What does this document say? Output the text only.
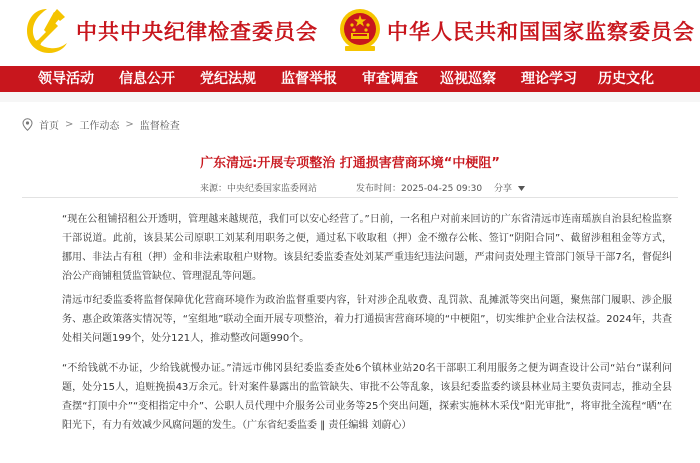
中共中央纪律检查委员会	中华人民共和国国家监察委员会
领导活动 信息公开 党纪法规 监督举报 审查调查 巡视巡察 理论学习 历史文化
首页 > 工作动态 > 监督检查
广东清远:开展专项整治 打通损害营商环境“中梗阻”
来源：中央纪委国家监委网站	发布时间：2025-04-25 09:30 分享

“现在公租铺招租公开透明，管理越来越规范，我们可以安心经营了。”日前，一名租户对前来回访的广东省清远市连南瑶族自治县纪检监察干部说道。此前，该县某公司原职工刘某利用职务之便，通过私下收取租（押）金不缴存公帐、签订“阴阳合同”、截留涉租租金等方式，挪用、非法占有租（押）金和非法索取租户财物。该县纪委监委查处刘某严重违纪违法问题，严肃问责处理主管部门领导干部7名，督促纠治公产商铺租赁监管缺位、管理混乱等问题。

清远市纪委监委将监督保障优化营商环境作为政治监督重要内容，针对涉企乱收费、乱罚款、乱摊派等突出问题，聚焦部门履职、涉企服务、惠企政策落实情况等，“室组地”联动全面开展专项整治，着力打通损害营商环境的“中梗阻”，切实维护企业合法权益。2024年，共查处相关问题199个，处分121人，推动整改问题990个。

“不给钱就不办证，少给钱就慢办证。”清远市佛冈县纪委监委查处6个镇林业站20名干部职工利用服务之便为调查设计公司“站台”谋利问题，处分15人，追赃挽损43万余元。针对案件暴露出的监管缺失、审批不公等乱象，该县纪委监委约谈县林业局主要负责同志，推动全县查摆“打顶中介”“变相指定中介”、公职人员代理中介服务公司业务等25个突出问题，探索实施林木采伐“阳光审批”，将审批全流程“晒”在阳光下，有力有效减少风腐问题的发生。（广东省纪委监委 ‖ 责任编辑 刘蔚心）
